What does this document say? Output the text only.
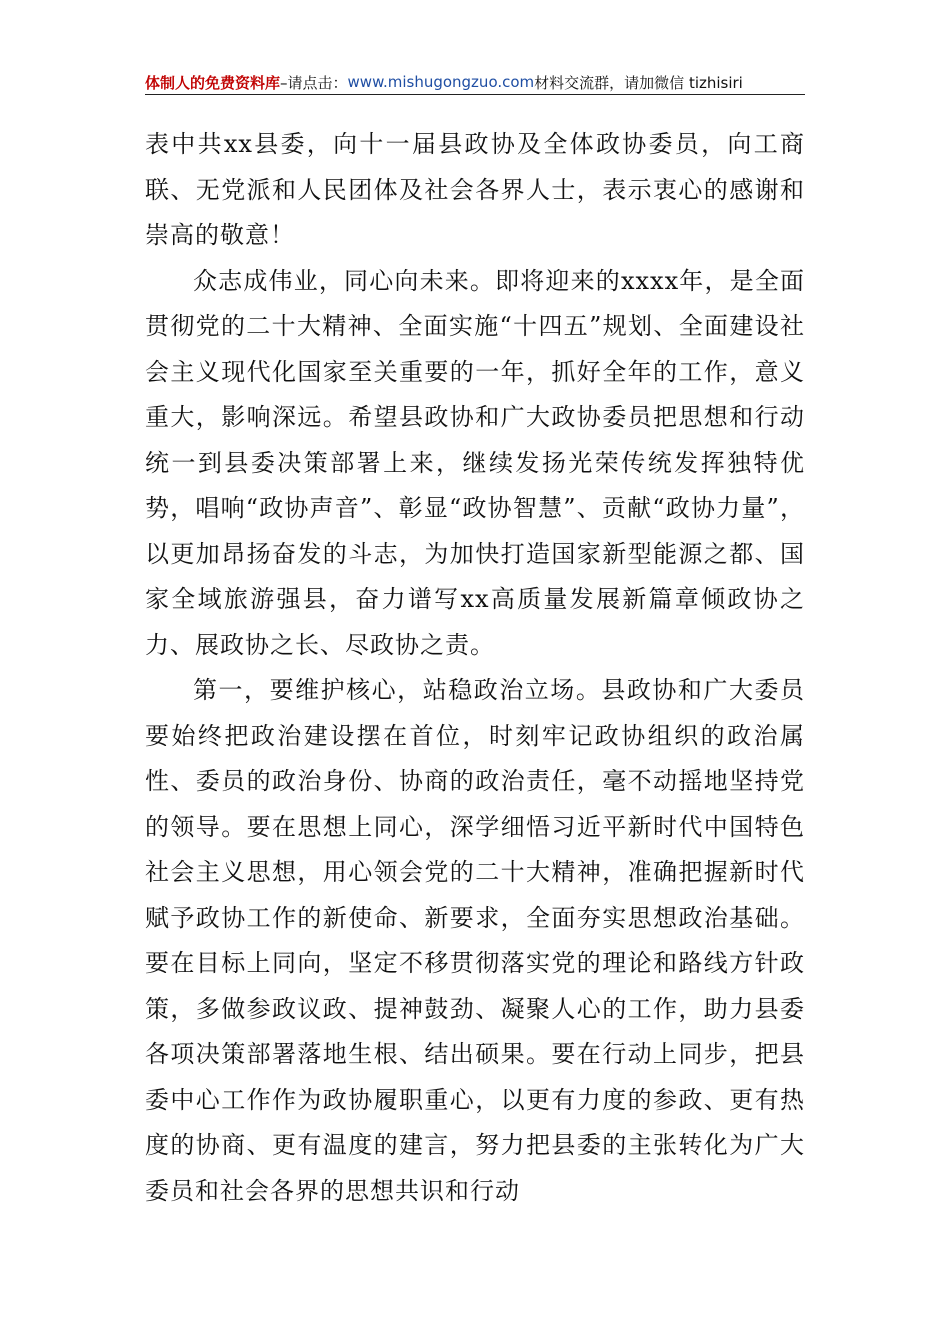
体制人的免费资料库 –请点击： www.mishugongzuo.com 材料交流群，请加微信 tizhisiri

表中共xx县委，向十一届县政协及全体政协委员，向工商联、无党派和人民团体及社会各界人士，表示衷心的感谢和崇高的敬意！

众志成伟业，同心向未来。即将迎来的xxxx年，是全面贯彻党的二十大精神、全面实施“十四五”规划、全面建设社会主义现代化国家至关重要的一年，抓好全年的工作，意义重大，影响深远。希望县政协和广大政协委员把思想和行动统一到县委决策部署上来，继续发扬光荣传统发挥独特优势，唱响“政协声音”、彰显“政协智慧”、贡献“政协力量”，以更加昂扬奋发的斗志，为加快打造国家新型能源之都、国家全域旅游强县，奋力谱写xx高质量发展新篇章倾政协之力、展政协之长、尽政协之责。

第一，要维护核心，站稳政治立场。县政协和广大委员要始终把政治建设摆在首位，时刻牢记政协组织的政治属性、委员的政治身份、协商的政治责任，毫不动摇地坚持党的领导。要在思想上同心，深学细悟习近平新时代中国特色社会主义思想，用心领会党的二十大精神，准确把握新时代赋予政协工作的新使命、新要求，全面夯实思想政治基础。要在目标上同向，坚定不移贯彻落实党的理论和路线方针政策，多做参政议政、提神鼓劲、凝聚人心的工作，助力县委各项决策部署落地生根、结出硕果。要在行动上同步，把县委中心工作作为政协履职重心，以更有力度的参政、更有热度的协商、更有温度的建言，努力把县委的主张转化为广大委员和社会各界的思想共识和行动
